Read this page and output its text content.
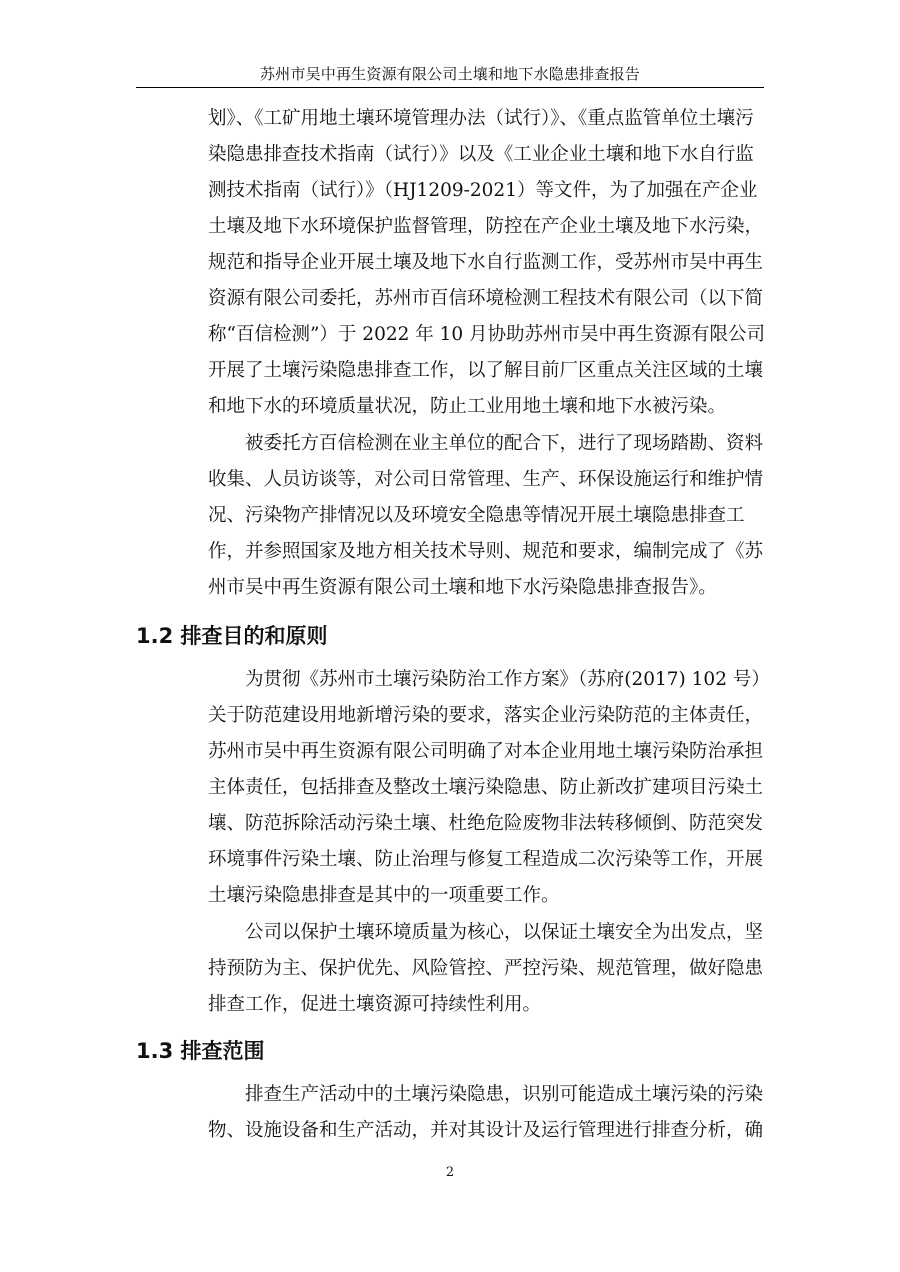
苏州市吴中再生资源有限公司土壤和地下水隐患排查报告

划》、《工矿用地土壤环境管理办法（试行）》、《重点监管单位土壤污染隐患排查技术指南（试行）》以及《工业企业土壤和地下水自行监测技术指南（试行）》（HJ1209-2021）等文件，为了加强在产企业土壤及地下水环境保护监督管理，防控在产企业土壤及地下水污染，规范和指导企业开展土壤及地下水自行监测工作，受苏州市吴中再生资源有限公司委托，苏州市百信环境检测工程技术有限公司（以下简称“百信检测”）于 2022 年 10 月协助苏州市吴中再生资源有限公司开展了土壤污染隐患排查工作，以了解目前厂区重点关注区域的土壤和地下水的环境质量状况，防止工业用地土壤和地下水被污染。

被委托方百信检测在业主单位的配合下，进行了现场踏勘、资料收集、人员访谈等，对公司日常管理、生产、环保设施运行和维护情况、污染物产排情况以及环境安全隐患等情况开展土壤隐患排查工作，并参照国家及地方相关技术导则、规范和要求，编制完成了《苏州市吴中再生资源有限公司土壤和地下水污染隐患排查报告》。

1.2 排查目的和原则

为贯彻《苏州市土壤污染防治工作方案》（苏府(2017) 102 号）关于防范建设用地新增污染的要求，落实企业污染防范的主体责任，苏州市吴中再生资源有限公司明确了对本企业用地土壤污染防治承担主体责任，包括排查及整改土壤污染隐患、防止新改扩建项目污染土壤、防范拆除活动污染土壤、杜绝危险废物非法转移倾倒、防范突发环境事件污染土壤、防止治理与修复工程造成二次污染等工作，开展土壤污染隐患排查是其中的一项重要工作。

公司以保护土壤环境质量为核心，以保证土壤安全为出发点，坚持预防为主、保护优先、风险管控、严控污染、规范管理，做好隐患排查工作，促进土壤资源可持续性利用。

1.3 排查范围

排查生产活动中的土壤污染隐患，识别可能造成土壤污染的污染物、设施设备和生产活动，并对其设计及运行管理进行排查分析，确

2
